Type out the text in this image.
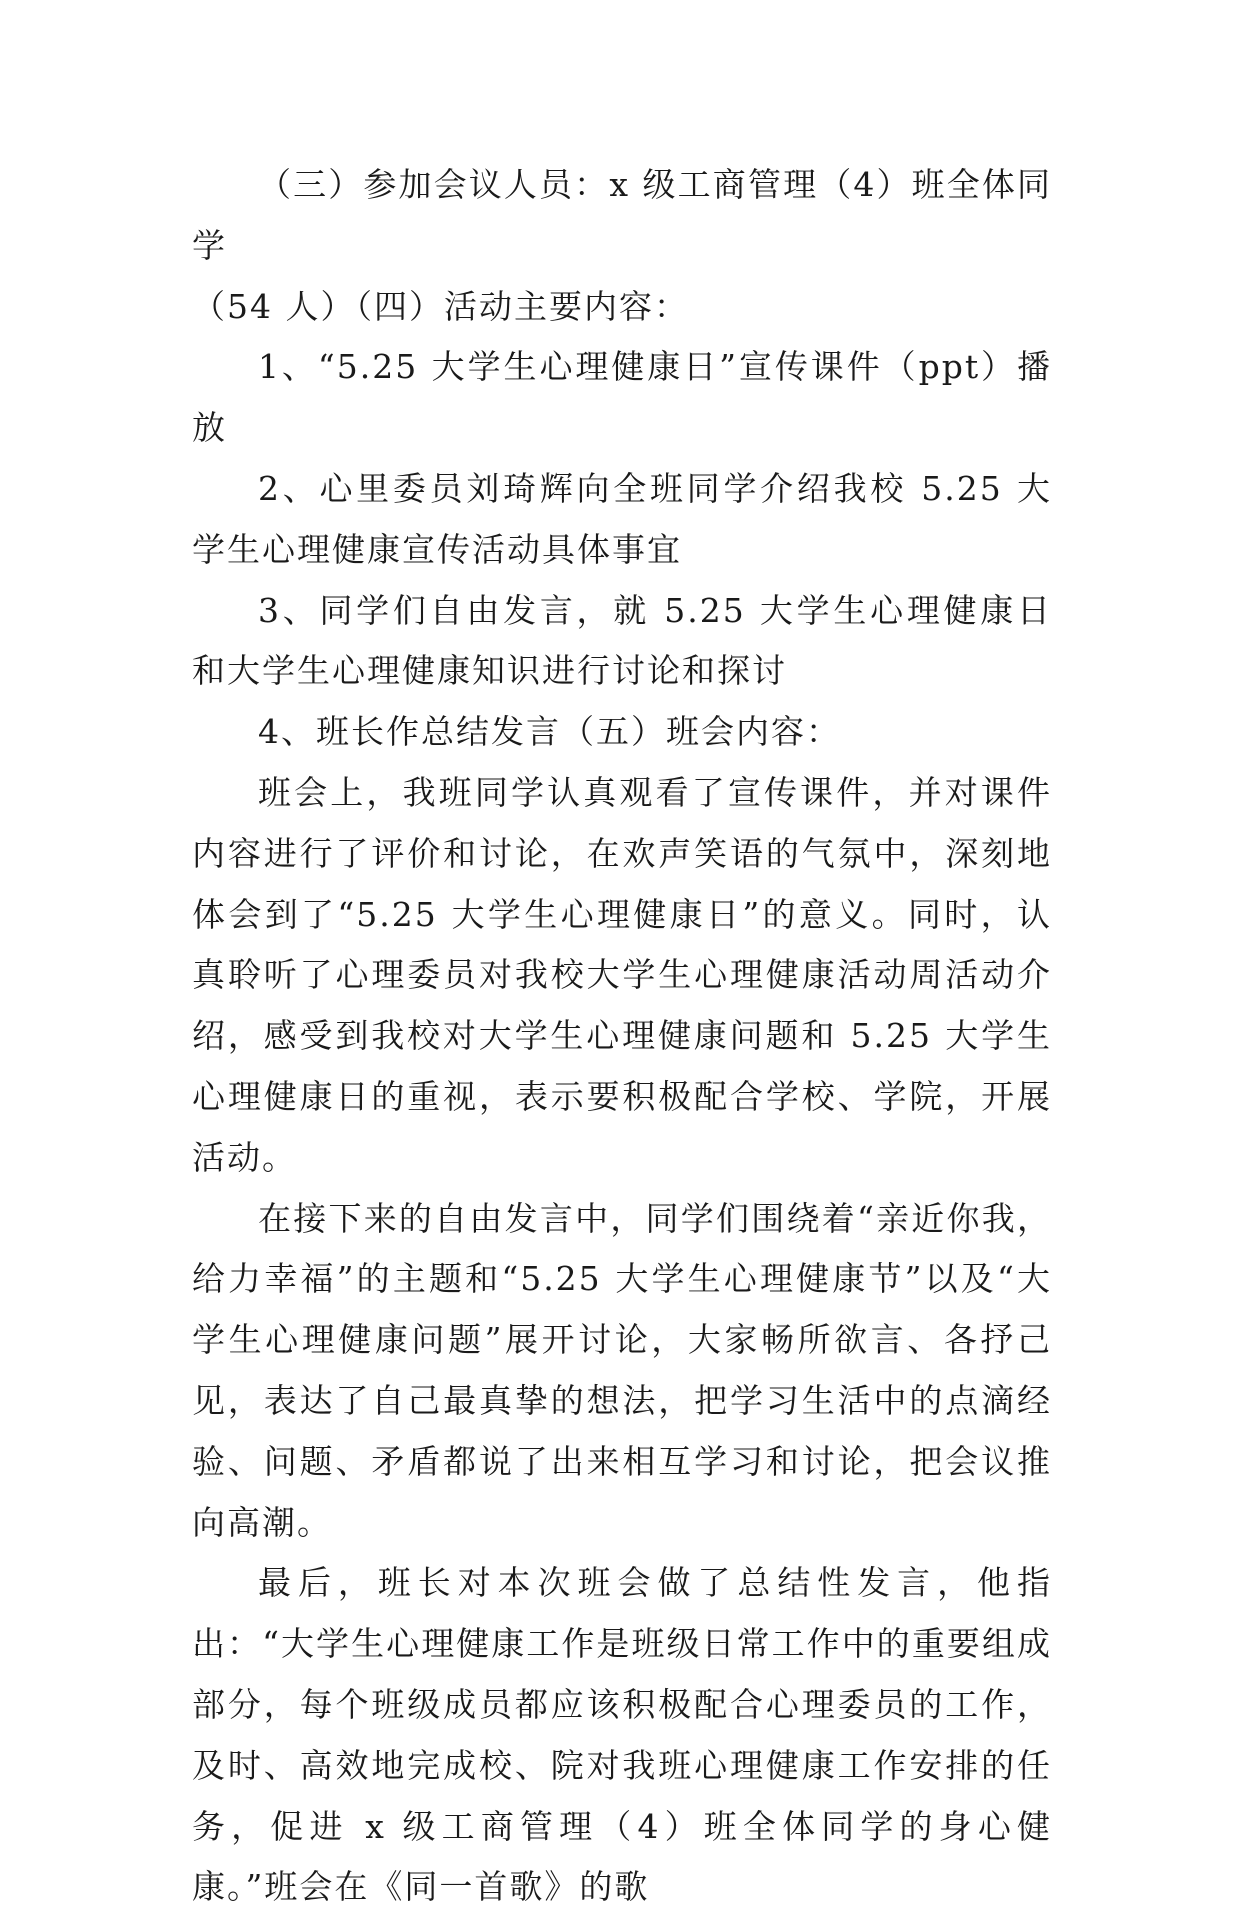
（三）参加会议人员：x 级工商管理（4）班全体同学

（54 人）（四）活动主要内容：

1、“5.25 大学生心理健康日”宣传课件（ppt）播放

2、心里委员刘琦辉向全班同学介绍我校 5.25 大学生心理健康宣传活动具体事宜

3、同学们自由发言，就 5.25 大学生心理健康日和大学生心理健康知识进行讨论和探讨

4、班长作总结发言（五）班会内容：

班会上，我班同学认真观看了宣传课件，并对课件内容进行了评价和讨论，在欢声笑语的气氛中，深刻地体会到了“5.25 大学生心理健康日”的意义。同时，认真聆听了心理委员对我校大学生心理健康活动周活动介绍，感受到我校对大学生心理健康问题和 5.25 大学生心理健康日的重视，表示要积极配合学校、学院，开展活动。

在接下来的自由发言中，同学们围绕着“亲近你我，给力幸福”的主题和“5.25 大学生心理健康节”以及“大学生心理健康问题”展开讨论，大家畅所欲言、各抒己见，表达了自己最真挚的想法，把学习生活中的点滴经验、问题、矛盾都说了出来相互学习和讨论，把会议推向高潮。

最后，班长对本次班会做了总结性发言，他指出：“大学生心理健康工作是班级日常工作中的重要组成部分，每个班级成员都应该积极配合心理委员的工作，及时、高效地完成校、院对我班心理健康工作安排的任务，促进 x 级工商管理（4）班全体同学的身心健康。”班会在《同一首歌》的歌
